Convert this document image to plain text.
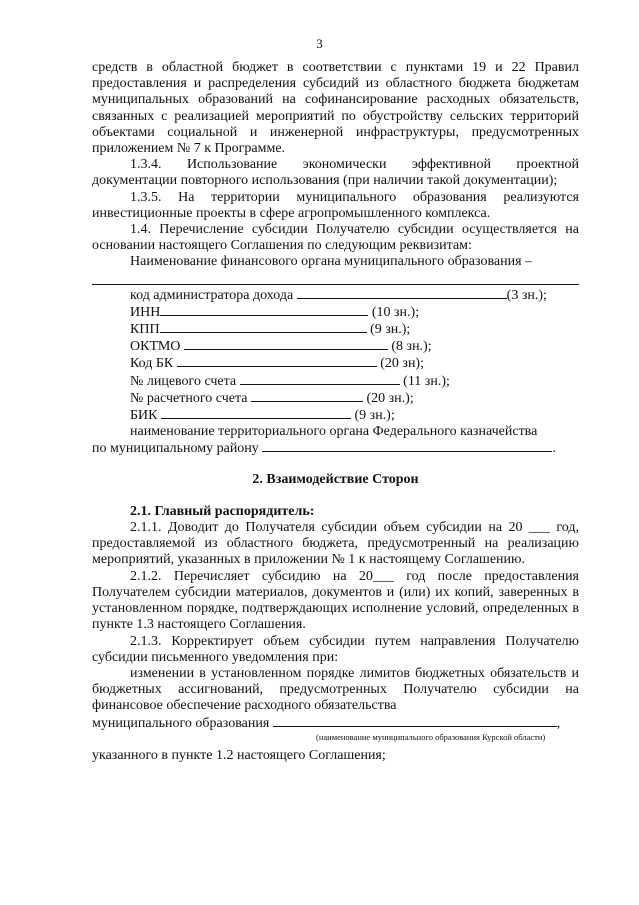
3

средств в областной бюджет в соответствии с пунктами 19 и 22 Правил предоставления и распределения субсидий из областного бюджета бюджетам муниципальных образований на софинансирование расходных обязательств, связанных с реализацией мероприятий по обустройству сельских территорий объектами социальной и инженерной инфраструктуры, предусмотренных приложением № 7 к Программе.

1.3.4. Использование экономически эффективной проектной документации повторного использования (при наличии такой документации);

1.3.5. На территории муниципального образования реализуются инвестиционные проекты в сфере агропромышленного комплекса.

1.4. Перечисление субсидии Получателю субсидии осуществляется на основании настоящего Соглашения по следующим реквизитам:

Наименование финансового органа муниципального образования –

код администратора дохода	(3 зн.);

ИНН	(10 зн.);

КПП	(9 зн.);

ОКТМО	(8 зн.);

Код БК	(20 зн);

№ лицевого счета	(11 зн.);

№ расчетного счета	(20 зн.);

БИК	(9 зн.);

наименование территориального органа Федерального казначейства

по муниципальному району	.

2. Взаимодействие Сторон

2.1. Главный распорядитель:

2.1.1. Доводит до Получателя субсидии объем субсидии на 20 ___ год, предоставляемой из областного бюджета, предусмотренный на реализацию мероприятий, указанных в приложении № 1 к настоящему Соглашению.

2.1.2. Перечисляет субсидию на 20___ год после предоставления Получателем субсидии материалов, документов и (или) их копий, заверенных в установленном порядке, подтверждающих исполнение условий, определенных в пункте 1.3 настоящего Соглашения.

2.1.3. Корректирует объем субсидии путем направления Получателю субсидии письменного уведомления при:

изменении в установленном порядке лимитов бюджетных обязательств и бюджетных ассигнований, предусмотренных Получателю субсидии на финансовое обеспечение расходного обязательства

муниципального образования	,

(наименование муниципального образования Курской области)

указанного в пункте 1.2 настоящего Соглашения;
